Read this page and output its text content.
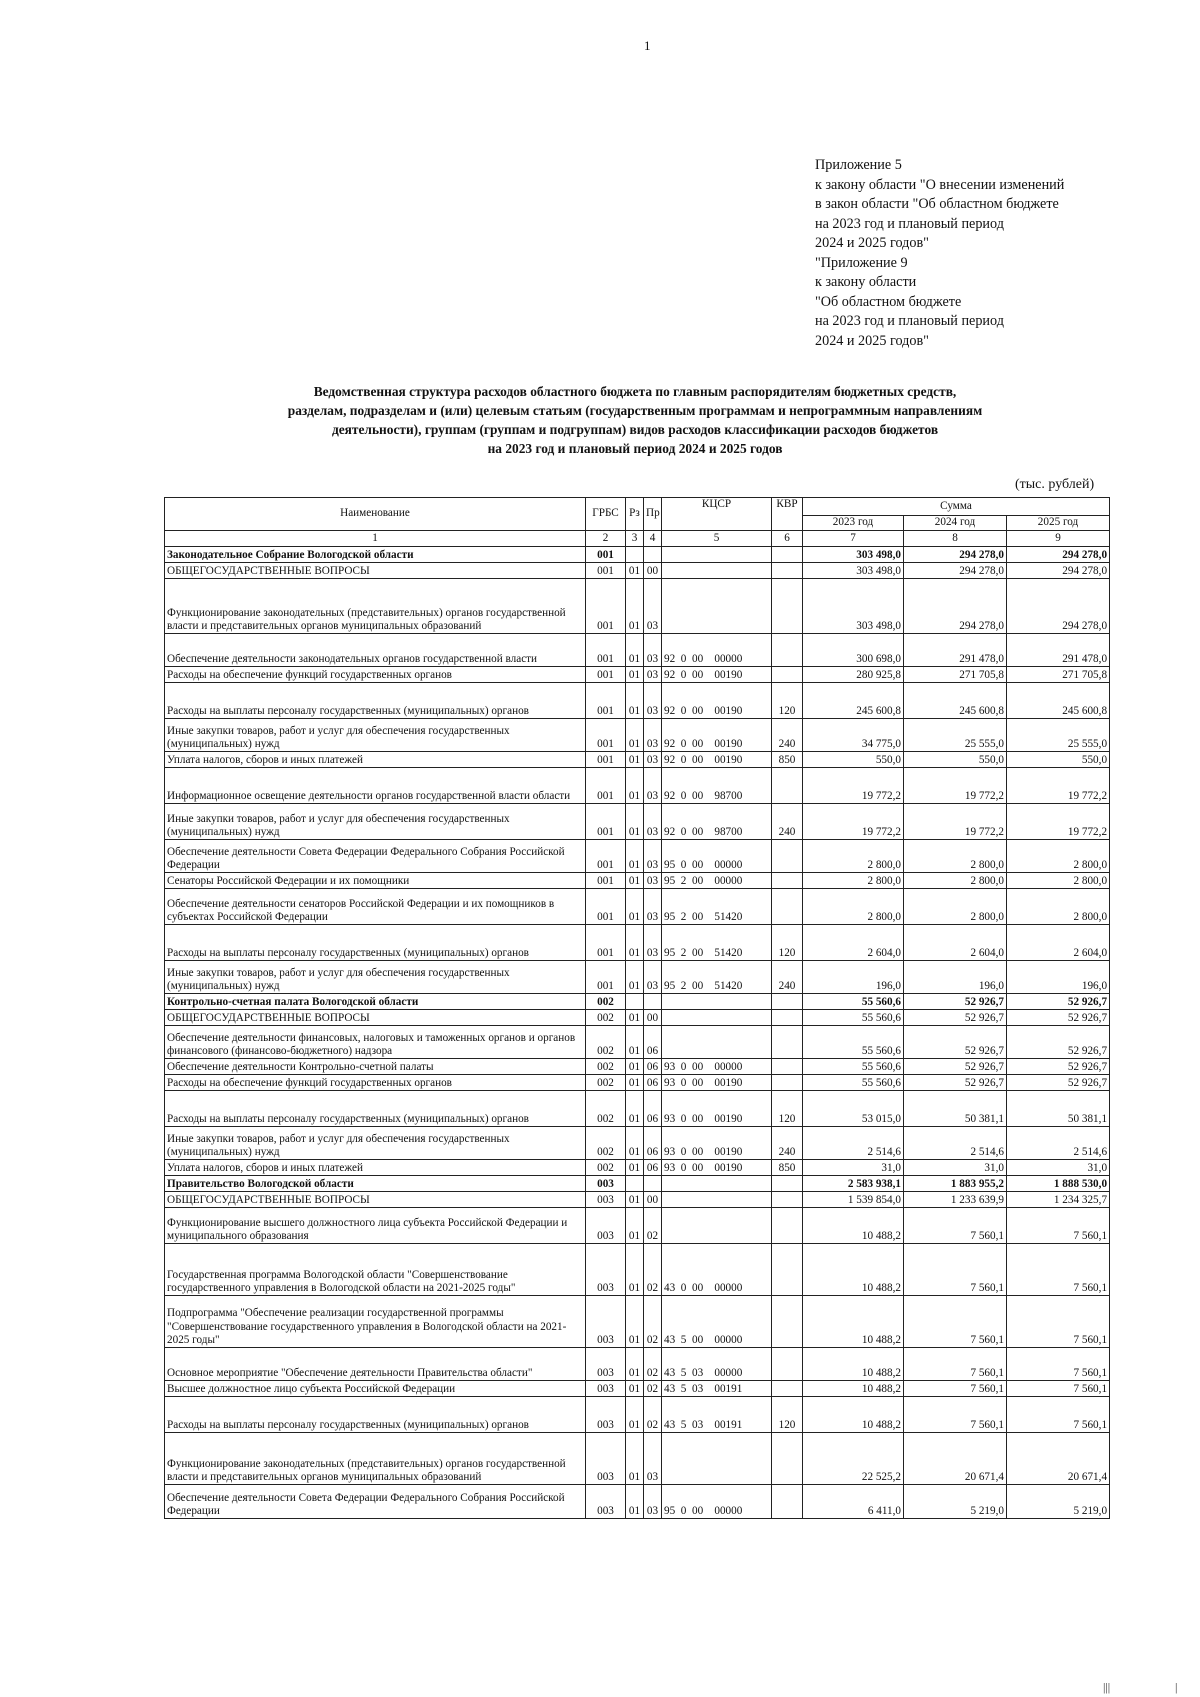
1
Приложение 5
к закону области "О внесении изменений
в закон области "Об областном бюджете
на 2023 год и плановый период
2024 и 2025 годов"
"Приложение 9
к закону области
"Об областном бюджете
на 2023 год и плановый период
2024 и 2025 годов"
Ведомственная структура расходов областного бюджета по главным распорядителям бюджетных средств,
разделам, подразделам и (или) целевым статьям (государственным программам и непрограммным направлениям
деятельности), группам (группам и подгруппам) видов расходов классификации расходов бюджетов
на 2023 год и плановый период 2024 и 2025 годов
(тыс. рублей)
Наименование	ГРБС	Рз	Пр	КЦСР	КВР	Сумма		
						2023 год	2024 год	2025 год
1	2	3	4	5	6	7	8	9
Законодательное Собрание Вологодской области	001					303 498,0	294 278,0	294 278,0
ОБЩЕГОСУДАРСТВЕННЫЕ ВОПРОСЫ	001	01	00			303 498,0	294 278,0	294 278,0
Функционирование законодательных (представительных) органов государственной власти и представительных органов муниципальных образований	001	01	03			303 498,0	294 278,0	294 278,0
Обеспечение деятельности законодательных органов государственной власти	001	01	03	92  0  00    00000		300 698,0	291 478,0	291 478,0
Расходы на обеспечение функций государственных органов	001	01	03	92  0  00    00190		280 925,8	271 705,8	271 705,8
Расходы на выплаты персоналу государственных (муниципальных) органов	001	01	03	92  0  00    00190	120	245 600,8	245 600,8	245 600,8
Иные закупки товаров, работ и услуг для обеспечения государственных (муниципальных) нужд	001	01	03	92  0  00    00190	240	34 775,0	25 555,0	25 555,0
Уплата налогов, сборов и иных платежей	001	01	03	92  0  00    00190	850	550,0	550,0	550,0
Информационное освещение деятельности органов государственной власти области	001	01	03	92  0  00    98700		19 772,2	19 772,2	19 772,2
Иные закупки товаров, работ и услуг для обеспечения государственных (муниципальных) нужд	001	01	03	92  0  00    98700	240	19 772,2	19 772,2	19 772,2
Обеспечение деятельности Совета Федерации Федерального Собрания Российской Федерации	001	01	03	95  0  00    00000		2 800,0	2 800,0	2 800,0
Сенаторы Российской Федерации и их помощники	001	01	03	95  2  00    00000		2 800,0	2 800,0	2 800,0
Обеспечение деятельности сенаторов Российской Федерации и их помощников в субъектах Российской Федерации	001	01	03	95  2  00    51420		2 800,0	2 800,0	2 800,0
Расходы на выплаты персоналу государственных (муниципальных) органов	001	01	03	95  2  00    51420	120	2 604,0	2 604,0	2 604,0
Иные закупки товаров, работ и услуг для обеспечения государственных (муниципальных) нужд	001	01	03	95  2  00    51420	240	196,0	196,0	196,0
Контрольно-счетная палата Вологодской области	002					55 560,6	52 926,7	52 926,7
ОБЩЕГОСУДАРСТВЕННЫЕ ВОПРОСЫ	002	01	00			55 560,6	52 926,7	52 926,7
Обеспечение деятельности финансовых, налоговых и таможенных органов и органов финансового (финансово-бюджетного) надзора	002	01	06			55 560,6	52 926,7	52 926,7
Обеспечение деятельности Контрольно-счетной палаты	002	01	06	93  0  00    00000		55 560,6	52 926,7	52 926,7
Расходы на обеспечение функций государственных органов	002	01	06	93  0  00    00190		55 560,6	52 926,7	52 926,7
Расходы на выплаты персоналу государственных (муниципальных) органов	002	01	06	93  0  00    00190	120	53 015,0	50 381,1	50 381,1
Иные закупки товаров, работ и услуг для обеспечения государственных (муниципальных) нужд	002	01	06	93  0  00    00190	240	2 514,6	2 514,6	2 514,6
Уплата налогов, сборов и иных платежей	002	01	06	93  0  00    00190	850	31,0	31,0	31,0
Правительство Вологодской области	003					2 583 938,1	1 883 955,2	1 888 530,0
ОБЩЕГОСУДАРСТВЕННЫЕ ВОПРОСЫ	003	01	00			1 539 854,0	1 233 639,9	1 234 325,7
Функционирование высшего должностного лица субъекта Российской Федерации и муниципального образования	003	01	02			10 488,2	7 560,1	7 560,1
Государственная программа Вологодской области "Совершенствование государственного управления в Вологодской области на 2021-2025 годы"	003	01	02	43  0  00    00000		10 488,2	7 560,1	7 560,1
Подпрограмма "Обеспечение реализации государственной программы "Совершенствование государственного управления в Вологодской области на 2021-2025 годы"	003	01	02	43  5  00    00000		10 488,2	7 560,1	7 560,1
Основное мероприятие "Обеспечение деятельности Правительства области"	003	01	02	43  5  03    00000		10 488,2	7 560,1	7 560,1
Высшее должностное лицо субъекта Российской Федерации	003	01	02	43  5  03    00191		10 488,2	7 560,1	7 560,1
Расходы на выплаты персоналу государственных (муниципальных) органов	003	01	02	43  5  03    00191	120	10 488,2	7 560,1	7 560,1
Функционирование законодательных (представительных) органов государственной власти и представительных органов муниципальных образований	003	01	03			22 525,2	20 671,4	20 671,4
Обеспечение деятельности Совета Федерации Федерального Собрания Российской Федерации	003	01	03	95  0  00    00000		6 411,0	5 219,0	5 219,0
|||	|
